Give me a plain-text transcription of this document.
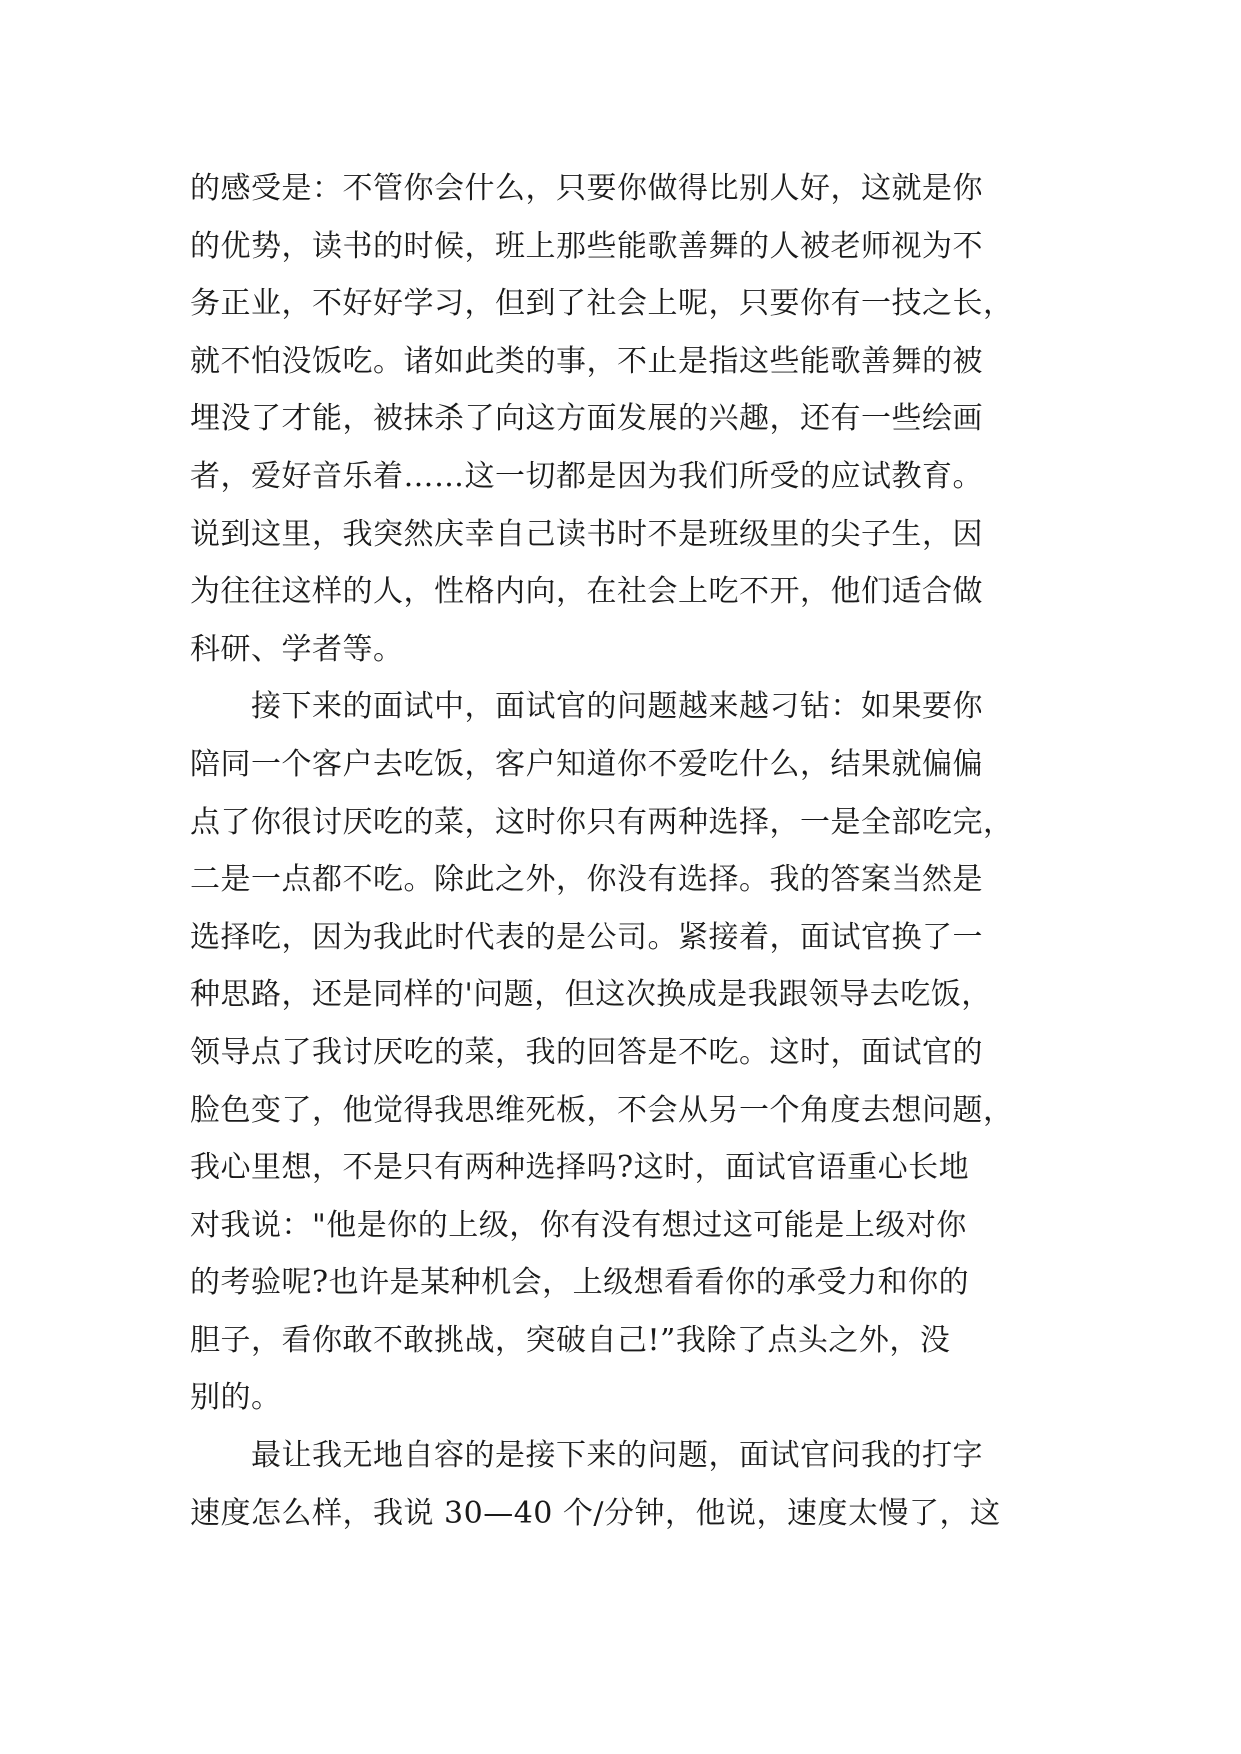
的感受是：不管你会什么，只要你做得比别人好，这就是你
的优势，读书的时候，班上那些能歌善舞的人被老师视为不
务正业，不好好学习，但到了社会上呢，只要你有一技之长，
就不怕没饭吃。诸如此类的事，不止是指这些能歌善舞的被
埋没了才能，被抹杀了向这方面发展的兴趣，还有一些绘画
者，爱好音乐着……这一切都是因为我们所受的应试教育。
说到这里，我突然庆幸自己读书时不是班级里的尖子生，因
为往往这样的人，性格内向，在社会上吃不开，他们适合做
科研、学者等。
　　接下来的面试中，面试官的问题越来越刁钻：如果要你
陪同一个客户去吃饭，客户知道你不爱吃什么，结果就偏偏
点了你很讨厌吃的菜，这时你只有两种选择，一是全部吃完，
二是一点都不吃。除此之外，你没有选择。我的答案当然是
选择吃，因为我此时代表的是公司。紧接着，面试官换了一
种思路，还是同样的'问题，但这次换成是我跟领导去吃饭，
领导点了我讨厌吃的菜，我的回答是不吃。这时，面试官的
脸色变了，他觉得我思维死板，不会从另一个角度去想问题，
我心里想，不是只有两种选择吗?这时，面试官语重心长地
对我说："他是你的上级，你有没有想过这可能是上级对你
的考验呢?也许是某种机会，上级想看看你的承受力和你的
胆子，看你敢不敢挑战，突破自己!”我除了点头之外，没
别的。
　　最让我无地自容的是接下来的问题，面试官问我的打字
速度怎么样，我说 30—40 个/分钟，他说，速度太慢了，这
